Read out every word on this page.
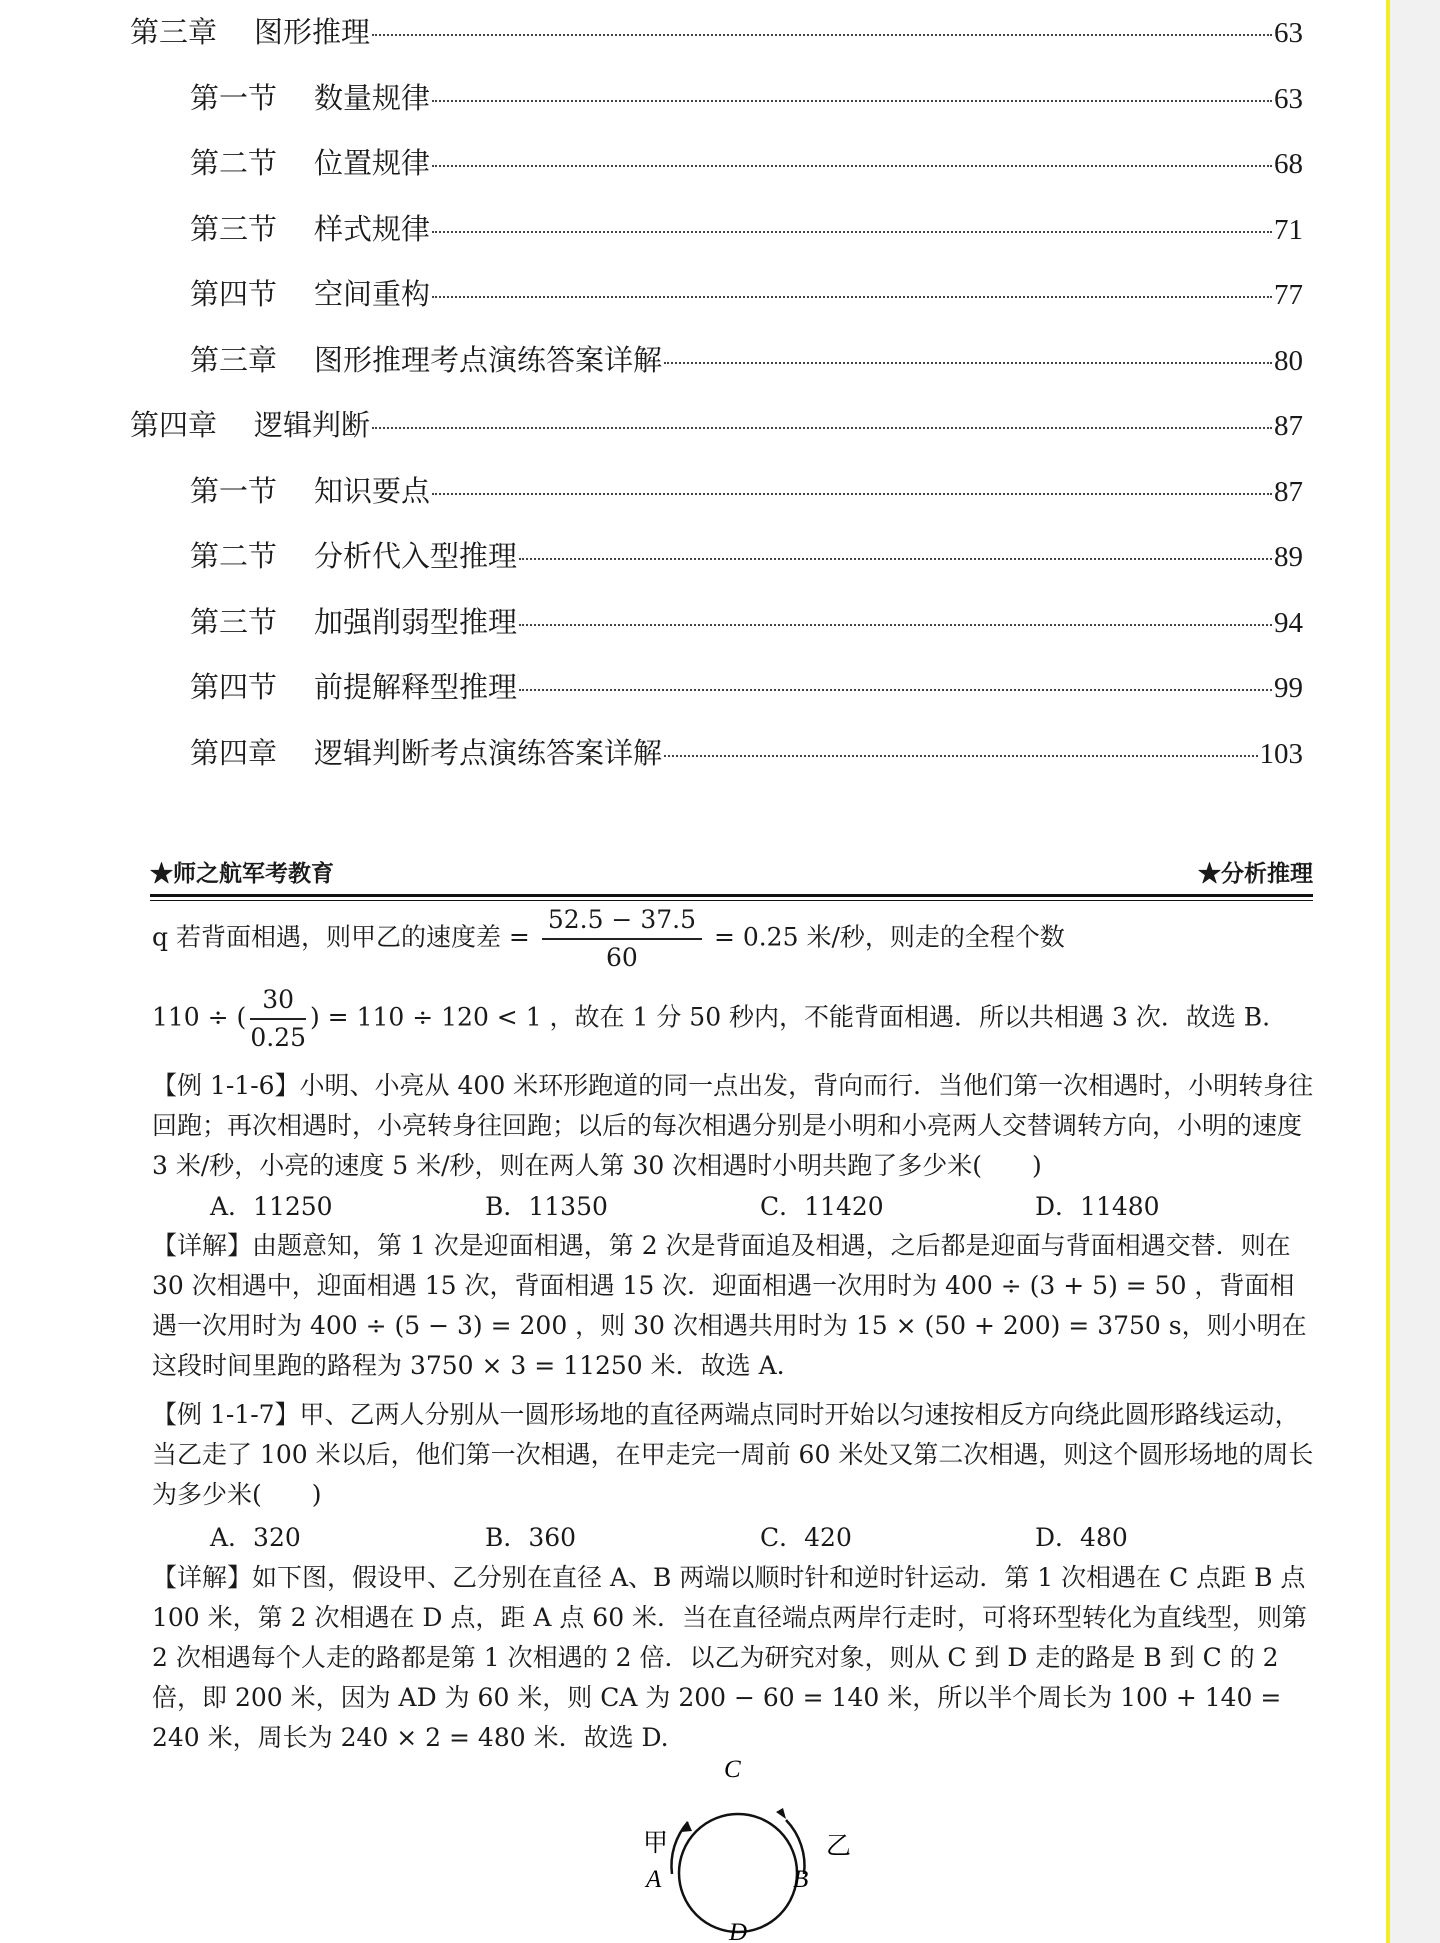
第三章	图形推理	63
第一节	数量规律	63
第二节	位置规律	68
第三节	样式规律	71
第四节	空间重构	77
第三章	图形推理考点演练答案详解	80
第四章	逻辑判断	87
第一节	知识要点	87
第二节	分析代入型推理	89
第三节	加强削弱型推理	94
第四节	前提解释型推理	99
第四章	逻辑判断考点演练答案详解	103
★师之航军考教育	★分析推理
q 若背面相遇，则甲乙的速度差 = $\frac{52.5 - 37.5}{60} = 0.25$ 米/秒，则走的全程个数
110 ÷ ( $\frac{30}{0.25}$ ) = 110 ÷ 120 < 1 ，故在 1 分 50 秒内，不能背面相遇．所以共相遇 3 次．故选 B.
【例 1-1-6】小明、小亮从 400 米环形跑道的同一点出发，背向而行．当他们第一次相遇时，小明转身往回跑；再次相遇时，小亮转身往回跑；以后的每次相遇分别是小明和小亮两人交替调转方向，小明的速度 3 米/秒，小亮的速度 5 米/秒，则在两人第 30 次相遇时小明共跑了多少米(　　)
A．11250	B．11350	C．11420	D．11480
【详解】由题意知，第 1 次是迎面相遇，第 2 次是背面追及相遇，之后都是迎面与背面相遇交替．则在 30 次相遇中，迎面相遇 15 次，背面相遇 15 次．迎面相遇一次用时为 400 ÷ (3 + 5) = 50 ，背面相遇一次用时为 400 ÷ (5 − 3) = 200 ，则 30 次相遇共用时为 15 × (50 + 200) = 3750 s，则小明在这段时间里跑的路程为 3750 × 3 = 11250 米．故选 A.
【例 1-1-7】甲、乙两人分别从一圆形场地的直径两端点同时开始以匀速按相反方向绕此圆形路线运动，当乙走了 100 米以后，他们第一次相遇，在甲走完一周前 60 米处又第二次相遇，则这个圆形场地的周长为多少米(　　)
A．320	B．360	C．420	D．480
【详解】如下图，假设甲、乙分别在直径 A、B 两端以顺时针和逆时针运动．第 1 次相遇在 C 点距 B 点 100 米，第 2 次相遇在 D 点，距 A 点 60 米．当在直径端点两岸行走时，可将环型转化为直线型，则第 2 次相遇每个人走的路都是第 1 次相遇的 2 倍．以乙为研究对象，则从 C 到 D 走的路是 B 到 C 的 2 倍，即 200 米，因为 AD 为 60 米，则 CA 为 200 − 60 = 140 米，所以半个周长为 100 + 140 = 240 米，周长为 240 × 2 = 480 米．故选 D.
C
甲
A	B
乙
D
